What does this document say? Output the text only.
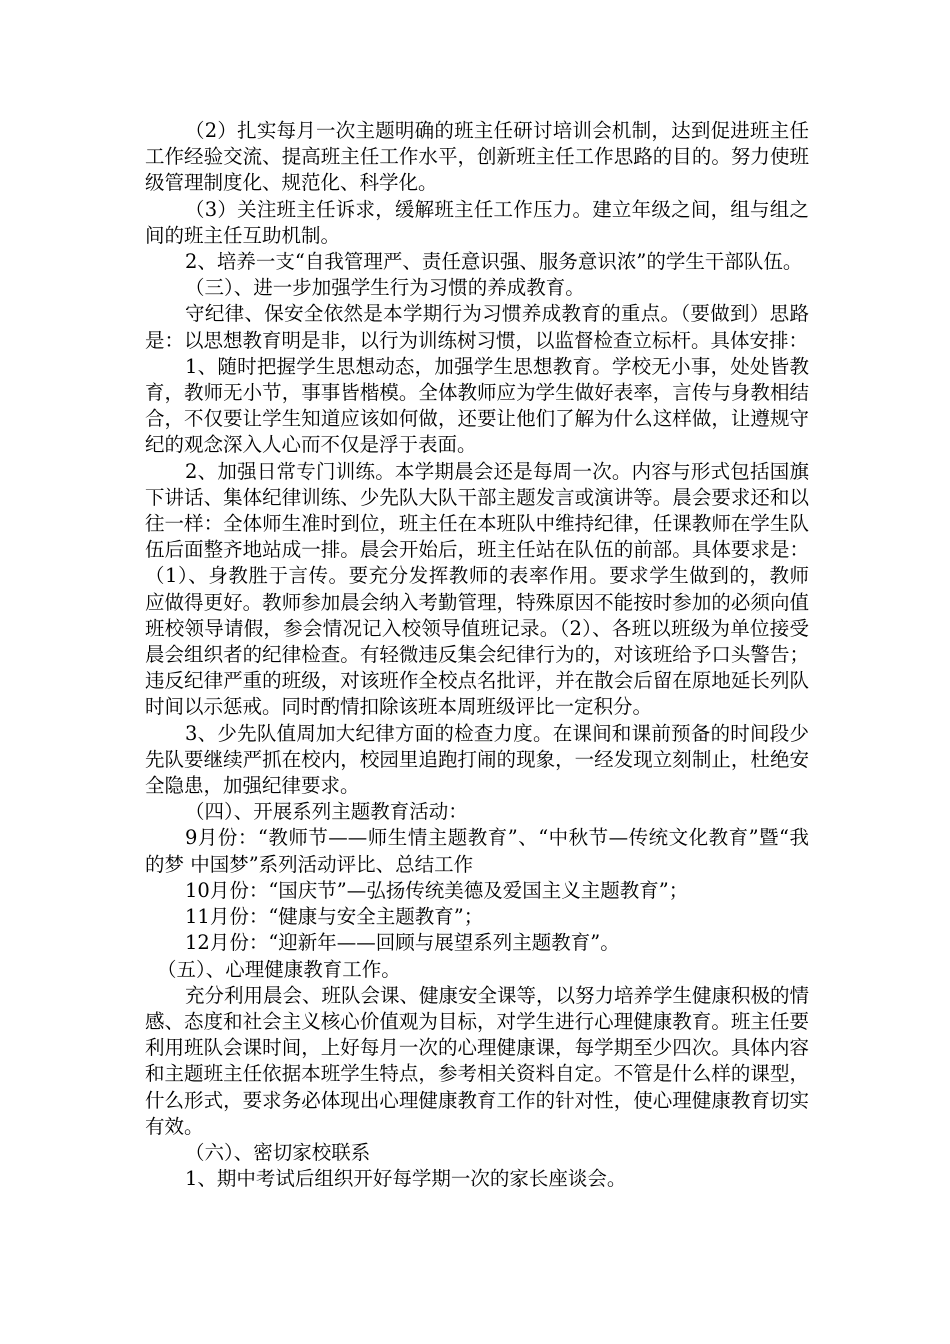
（2）扎实每月一次主题明确的班主任研讨培训会机制，达到促进班主任工作经验交流、提高班主任工作水平，创新班主任工作思路的目的。努力使班级管理制度化、规范化、科学化。

（3）关注班主任诉求，缓解班主任工作压力。建立年级之间，组与组之间的班主任互助机制。

2、培养一支“自我管理严、责任意识强、服务意识浓”的学生干部队伍。

（三）、进一步加强学生行为习惯的养成教育。

守纪律、保安全依然是本学期行为习惯养成教育的重点。（要做到）思路是：以思想教育明是非，以行为训练树习惯，以监督检查立标杆。具体安排：

1、随时把握学生思想动态，加强学生思想教育。学校无小事，处处皆教育，教师无小节，事事皆楷模。全体教师应为学生做好表率，言传与身教相结合，不仅要让学生知道应该如何做，还要让他们了解为什么这样做，让遵规守纪的观念深入人心而不仅是浮于表面。

2、加强日常专门训练。本学期晨会还是每周一次。内容与形式包括国旗下讲话、集体纪律训练、少先队大队干部主题发言或演讲等。晨会要求还和以往一样：全体师生准时到位，班主任在本班队中维持纪律，任课教师在学生队伍后面整齐地站成一排。晨会开始后，班主任站在队伍的前部。具体要求是：（1）、身教胜于言传。要充分发挥教师的表率作用。要求学生做到的，教师应做得更好。教师参加晨会纳入考勤管理，特殊原因不能按时参加的必须向值班校领导请假，参会情况记入校领导值班记录。（2）、各班以班级为单位接受晨会组织者的纪律检查。有轻微违反集会纪律行为的，对该班给予口头警告；违反纪律严重的班级，对该班作全校点名批评，并在散会后留在原地延长列队时间以示惩戒。同时酌情扣除该班本周班级评比一定积分。

3、少先队值周加大纪律方面的检查力度。在课间和课前预备的时间段少先队要继续严抓在校内，校园里追跑打闹的现象，一经发现立刻制止，杜绝安全隐患，加强纪律要求。

（四）、开展系列主题教育活动：

9月份：“教师节——师生情主题教育”、“中秋节—传统文化教育”暨“我的梦 中国梦”系列活动评比、总结工作

10月份：“国庆节”—弘扬传统美德及爱国主义主题教育”；

11月份：“健康与安全主题教育”；

12月份：“迎新年——回顾与展望系列主题教育”。

（五）、心理健康教育工作。

充分利用晨会、班队会课、健康安全课等，以努力培养学生健康积极的情感、态度和社会主义核心价值观为目标，对学生进行心理健康教育。班主任要利用班队会课时间，上好每月一次的心理健康课，每学期至少四次。具体内容和主题班主任依据本班学生特点，参考相关资料自定。不管是什么样的课型，什么形式，要求务必体现出心理健康教育工作的针对性，使心理健康教育切实有效。

（六）、密切家校联系

1、期中考试后组织开好每学期一次的家长座谈会。
